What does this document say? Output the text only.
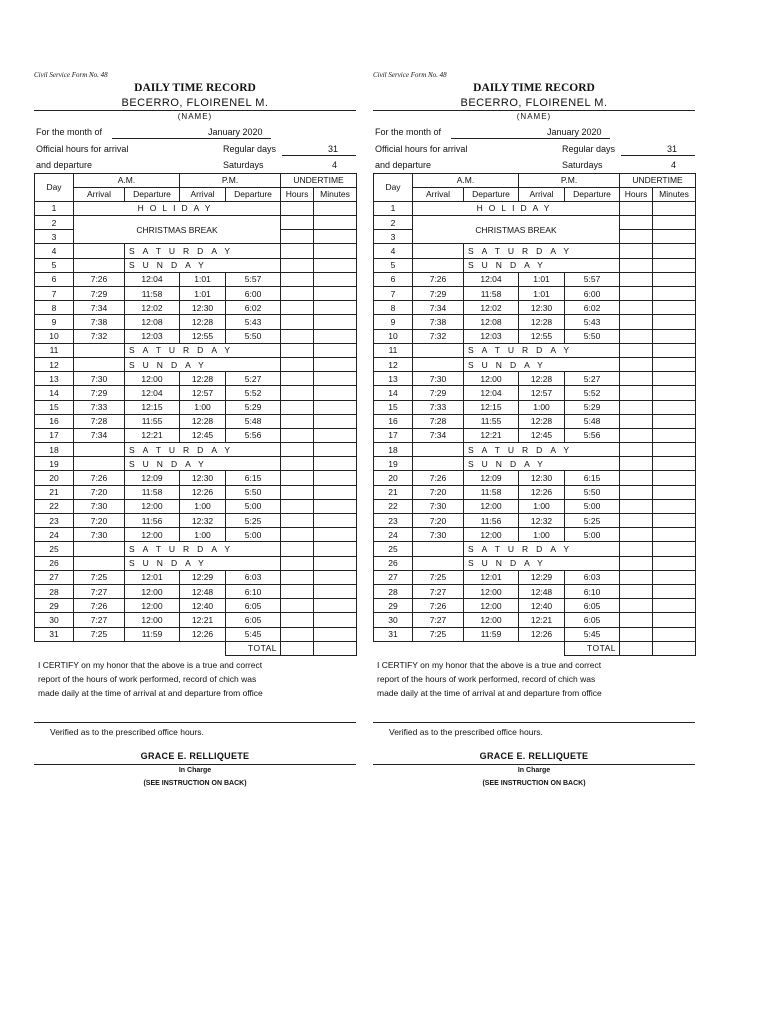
Civil Service Form No. 48
DAILY TIME RECORD
BECERRO, FLOIRENEL M.
(NAME)
For the month of	January 2020
Official hours for arrival	Regular days	31
and departure	Saturdays	4
Day	A.M.		P.M.		UNDERTIME	
	Arrival	Departure	Arrival	Departure	Hours	Minutes
1	HOLIDAY					
2	CHRISTMAS BREAK					
3						
4		SATURDAY				
5		SUNDAY				
6	7:26	12:04	1:01	5:57		
7	7:29	11:58	1:01	6:00		
8	7:34	12:02	12:30	6:02		
9	7:38	12:08	12:28	5:43		
10	7:32	12:03	12:55	5:50		
11		SATURDAY				
12		SUNDAY				
13	7:30	12:00	12:28	5:27		
14	7:29	12:04	12:57	5:52		
15	7:33	12:15	1:00	5:29		
16	7:28	11:55	12:28	5:48		
17	7:34	12:21	12:45	5:56		
18		SATURDAY				
19		SUNDAY				
20	7:26	12:09	12:30	6:15		
21	7:20	11:58	12:26	5:50		
22	7:30	12:00	1:00	5:00		
23	7:20	11:56	12:32	5:25		
24	7:30	12:00	1:00	5:00		
25		SATURDAY				
26		SUNDAY				
27	7:25	12:01	12:29	6:03		
28	7:27	12:00	12:48	6:10		
29	7:26	12:00	12:40	6:05		
30	7:27	12:00	12:21	6:05		
31	7:25	11:59	12:26	5:45		
				TOTAL		
I CERTIFY on my honor that the above is a true and correct
report of the hours of work performed, record of chich was
made daily at the time of arrival at and departure from office
Verified as to the prescribed office hours.
GRACE E. RELLIQUETE
In Charge
(SEE INSTRUCTION ON BACK)
Civil Service Form No. 48
DAILY TIME RECORD
BECERRO, FLOIRENEL M.
(NAME)
For the month of	January 2020
Official hours for arrival	Regular days	31
and departure	Saturdays	4
Day	A.M.		P.M.		UNDERTIME	
	Arrival	Departure	Arrival	Departure	Hours	Minutes
1	HOLIDAY					
2	CHRISTMAS BREAK					
3						
4		SATURDAY				
5		SUNDAY				
6	7:26	12:04	1:01	5:57		
7	7:29	11:58	1:01	6:00		
8	7:34	12:02	12:30	6:02		
9	7:38	12:08	12:28	5:43		
10	7:32	12:03	12:55	5:50		
11		SATURDAY				
12		SUNDAY				
13	7:30	12:00	12:28	5:27		
14	7:29	12:04	12:57	5:52		
15	7:33	12:15	1:00	5:29		
16	7:28	11:55	12:28	5:48		
17	7:34	12:21	12:45	5:56		
18		SATURDAY				
19		SUNDAY				
20	7:26	12:09	12:30	6:15		
21	7:20	11:58	12:26	5:50		
22	7:30	12:00	1:00	5:00		
23	7:20	11:56	12:32	5:25		
24	7:30	12:00	1:00	5:00		
25		SATURDAY				
26		SUNDAY				
27	7:25	12:01	12:29	6:03		
28	7:27	12:00	12:48	6:10		
29	7:26	12:00	12:40	6:05		
30	7:27	12:00	12:21	6:05		
31	7:25	11:59	12:26	5:45		
				TOTAL		
I CERTIFY on my honor that the above is a true and correct
report of the hours of work performed, record of chich was
made daily at the time of arrival at and departure from office
Verified as to the prescribed office hours.
GRACE E. RELLIQUETE
In Charge
(SEE INSTRUCTION ON BACK)
